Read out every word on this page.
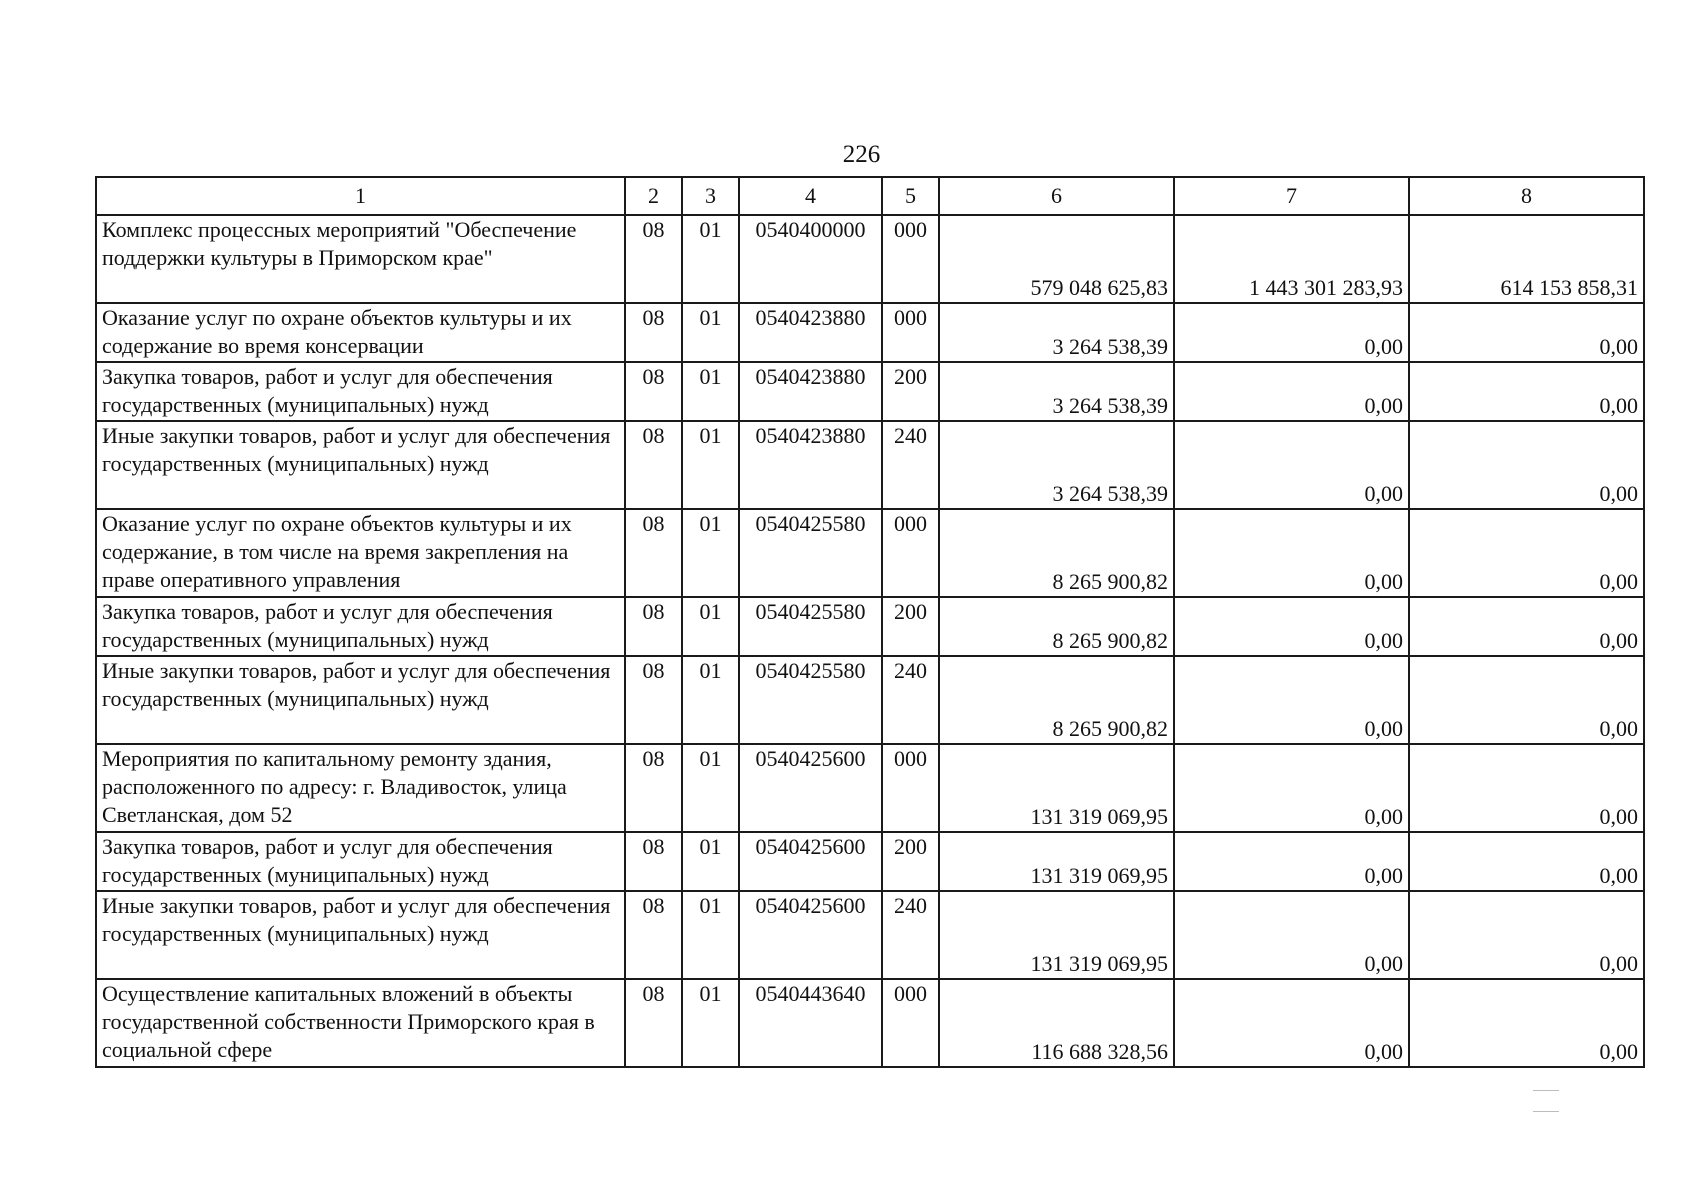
226
1	2	3	4	5	6	7	8
Комплекс процессных мероприятий "Обеспечение поддержки культуры в Приморском крае"	08	01	0540400000	000	579 048 625,83	1 443 301 283,93	614 153 858,31
Оказание услуг по охране объектов культуры и их содержание во время консервации	08	01	0540423880	000	3 264 538,39	0,00	0,00
Закупка товаров, работ и услуг для обеспечения государственных (муниципальных) нужд	08	01	0540423880	200	3 264 538,39	0,00	0,00
Иные закупки товаров, работ и услуг для обеспечения государственных (муниципальных) нужд	08	01	0540423880	240	3 264 538,39	0,00	0,00
Оказание услуг по охране объектов культуры и их содержание, в том числе на время закрепления на праве оперативного управления	08	01	0540425580	000	8 265 900,82	0,00	0,00
Закупка товаров, работ и услуг для обеспечения государственных (муниципальных) нужд	08	01	0540425580	200	8 265 900,82	0,00	0,00
Иные закупки товаров, работ и услуг для обеспечения государственных (муниципальных) нужд	08	01	0540425580	240	8 265 900,82	0,00	0,00
Мероприятия по капитальному ремонту здания, расположенного по адресу: г. Владивосток, улица Светланская, дом 52	08	01	0540425600	000	131 319 069,95	0,00	0,00
Закупка товаров, работ и услуг для обеспечения государственных (муниципальных) нужд	08	01	0540425600	200	131 319 069,95	0,00	0,00
Иные закупки товаров, работ и услуг для обеспечения государственных (муниципальных) нужд	08	01	0540425600	240	131 319 069,95	0,00	0,00
Осуществление капитальных вложений в объекты государственной собственности Приморского края в социальной сфере	08	01	0540443640	000	116 688 328,56	0,00	0,00
